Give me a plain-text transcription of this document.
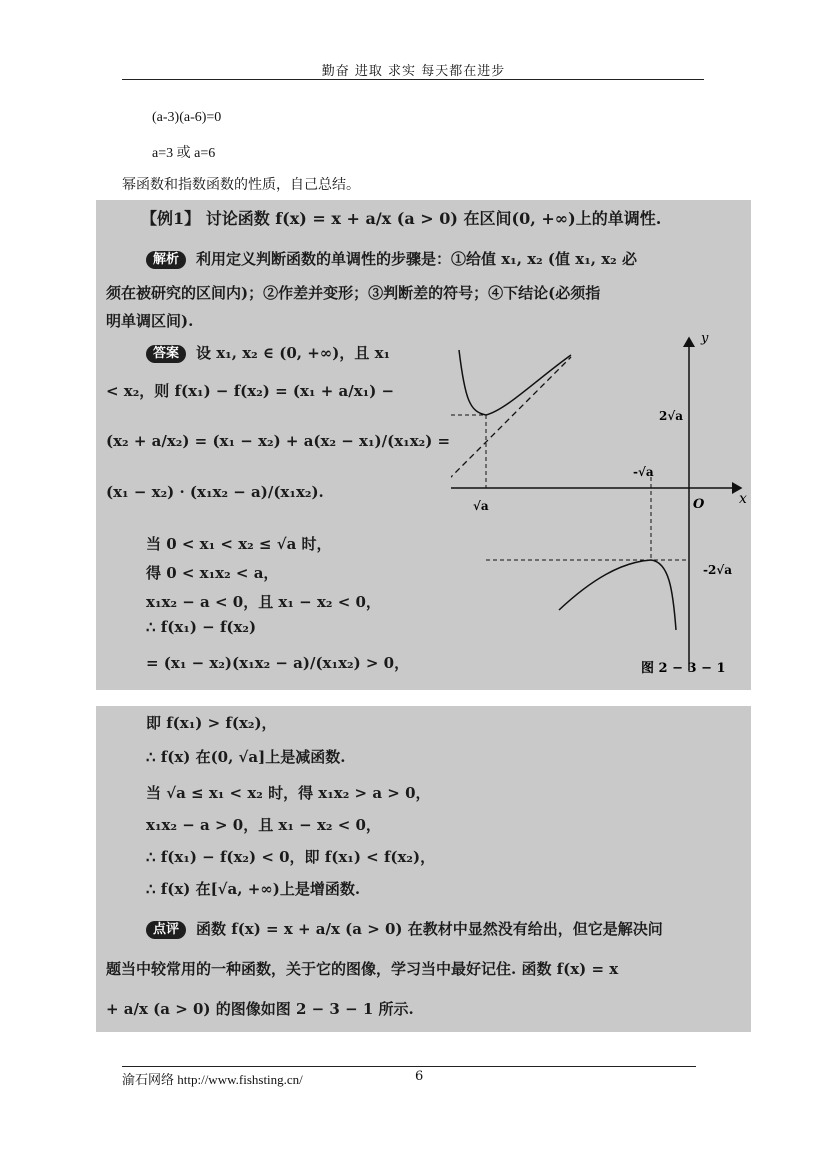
勤奋 进取 求实 每天都在进步
(a-3)(a-6)=0
a=3 或 a=6
幂函数和指数函数的性质，自己总结。
【例1】 讨论函数 f(x) = x + a/x (a > 0) 在区间(0, +∞)上的单调性.
解析 利用定义判断函数的单调性的步骤是：①给值 x₁, x₂ (值 x₁, x₂ 必
须在被研究的区间内)；②作差并变形；③判断差的符号；④下结论(必须指
明单调区间).
答案 设 x₁, x₂ ∈ (0, +∞)，且 x₁
< x₂，则 f(x₁) − f(x₂) = (x₁ + a/x₁) −
(x₂ + a/x₂) = (x₁ − x₂) + a(x₂ − x₁)/(x₁x₂) =
(x₁ − x₂) · (x₁x₂ − a)/(x₁x₂).
当 0 < x₁ < x₂ ≤ √a 时，
得 0 < x₁x₂ < a，
x₁x₂ − a < 0，且 x₁ − x₂ < 0，
∴ f(x₁) − f(x₂)
= (x₁ − x₂)(x₁x₂ − a)/(x₁x₂) > 0，
y
x
O
√a
-√a
2√a
-2√a
图 2 − 3 − 1
即 f(x₁) > f(x₂)，
∴ f(x) 在(0, √a]上是减函数.
当 √a ≤ x₁ < x₂ 时，得 x₁x₂ > a > 0，
x₁x₂ − a > 0，且 x₁ − x₂ < 0，
∴ f(x₁) − f(x₂) < 0，即 f(x₁) < f(x₂)，
∴ f(x) 在[√a, +∞)上是增函数.
点评 函数 f(x) = x + a/x (a > 0) 在教材中显然没有给出，但它是解决问
题当中较常用的一种函数，关于它的图像，学习当中最好记住. 函数 f(x) = x
+ a/x (a > 0) 的图像如图 2 − 3 − 1 所示.
渝石网络 http://www.fishsting.cn/	6
